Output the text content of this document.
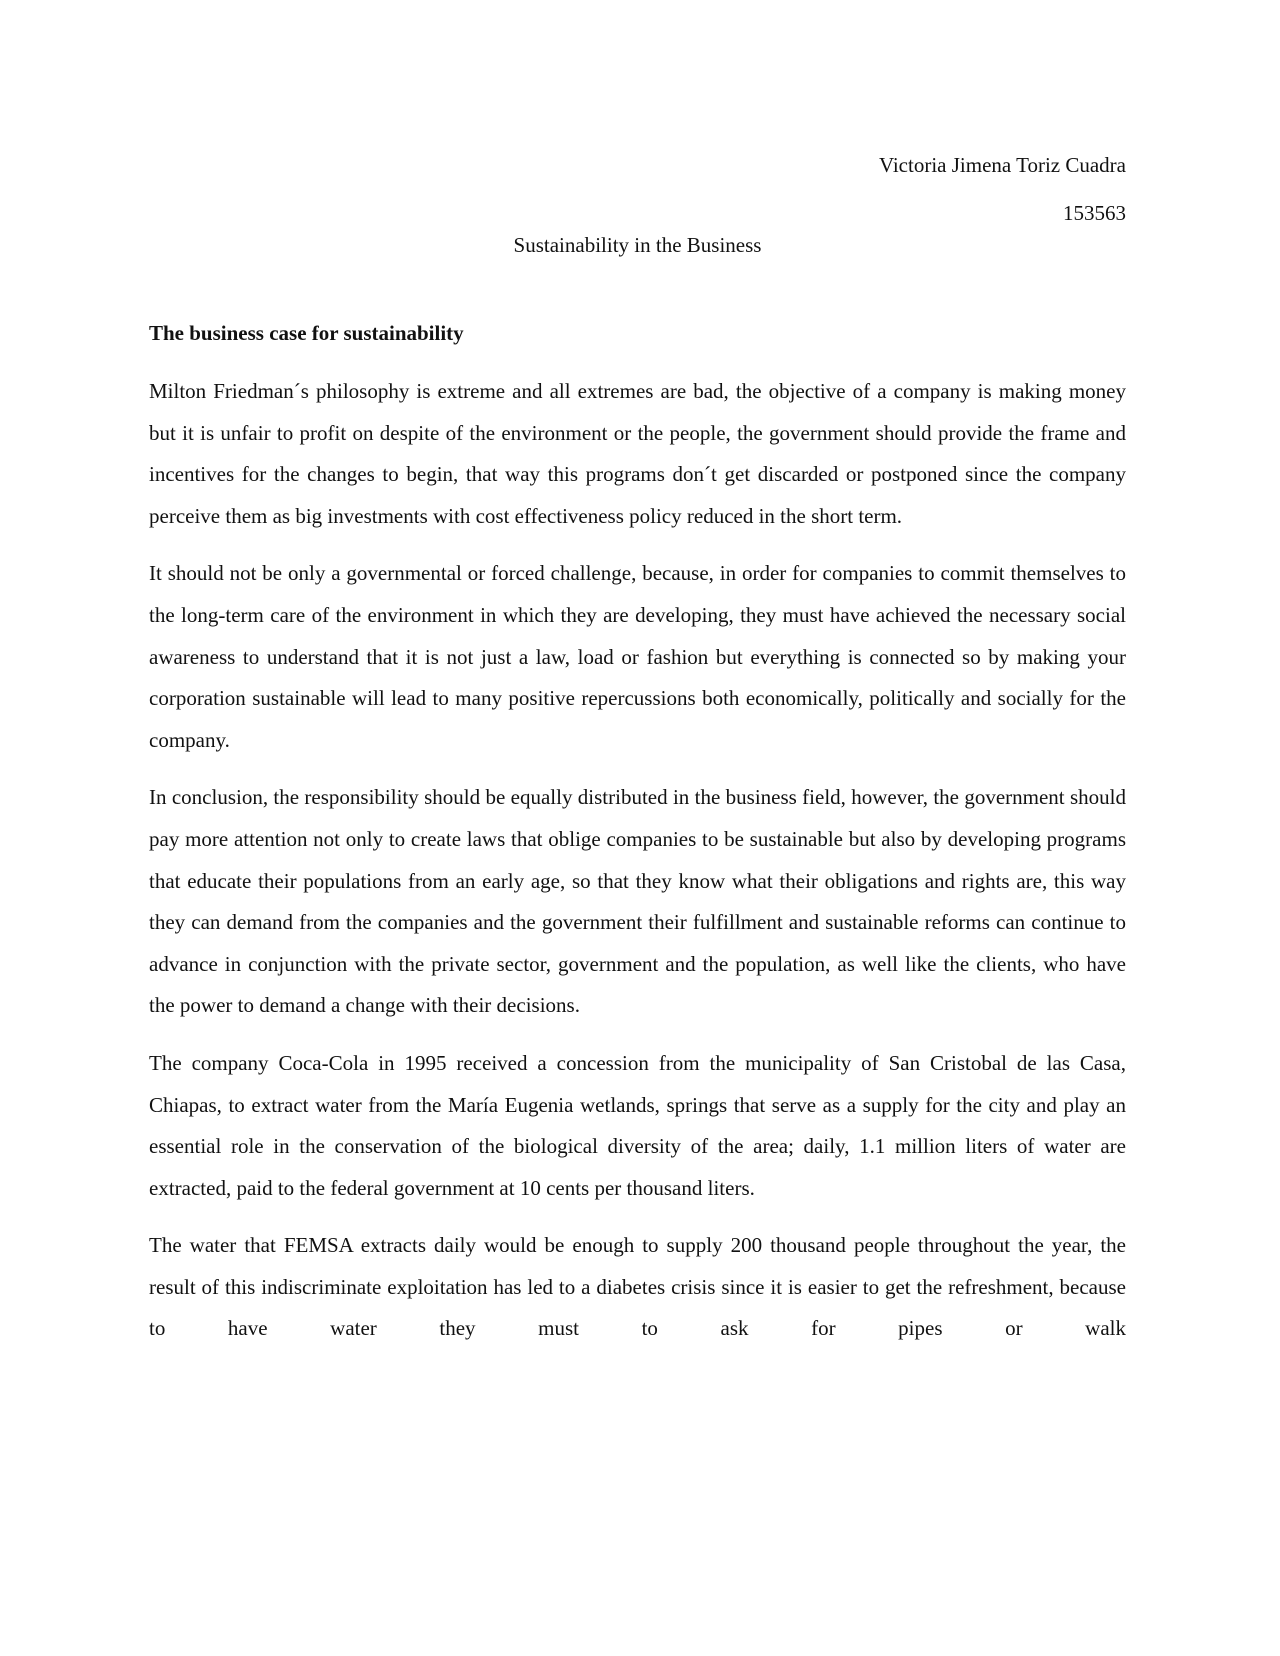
Victoria Jimena Toriz Cuadra
153563
Sustainability in the Business
The business case for sustainability

Milton Friedman´s philosophy is extreme and all extremes are bad, the objective of a company is making money but it is unfair to profit on despite of the environment or the people, the government should provide the frame and incentives for the changes to begin, that way this programs don´t get discarded or postponed since the company perceive them as big investments with cost effectiveness policy reduced in the short term.

It should not be only a governmental or forced challenge, because, in order for companies to commit themselves to the long-term care of the environment in which they are developing, they must have achieved the necessary social awareness to understand that it is not just a law, load or fashion but everything is connected so by making your corporation sustainable will lead to many positive repercussions both economically, politically and socially for the company.

In conclusion, the responsibility should be equally distributed in the business field, however, the government should pay more attention not only to create laws that oblige companies to be sustainable but also by developing programs that educate their populations from an early age, so that they know what their obligations and rights are, this way they can demand from the companies and the government their fulfillment and sustainable reforms can continue to advance in conjunction with the private sector, government and the population, as well like the clients, who have the power to demand a change with their decisions.

The company Coca-Cola in 1995 received a concession from the municipality of San Cristobal de las Casa, Chiapas, to extract water from the María Eugenia wetlands, springs that serve as a supply for the city and play an essential role in the conservation of the biological diversity of the area; daily, 1.1 million liters of water are extracted, paid to the federal government at 10 cents per thousand liters.

The water that FEMSA extracts daily would be enough to supply 200 thousand people throughout the year, the result of this indiscriminate exploitation has led to a diabetes crisis since it is easier to get the refreshment, because to have water they must to ask for pipes or walk
